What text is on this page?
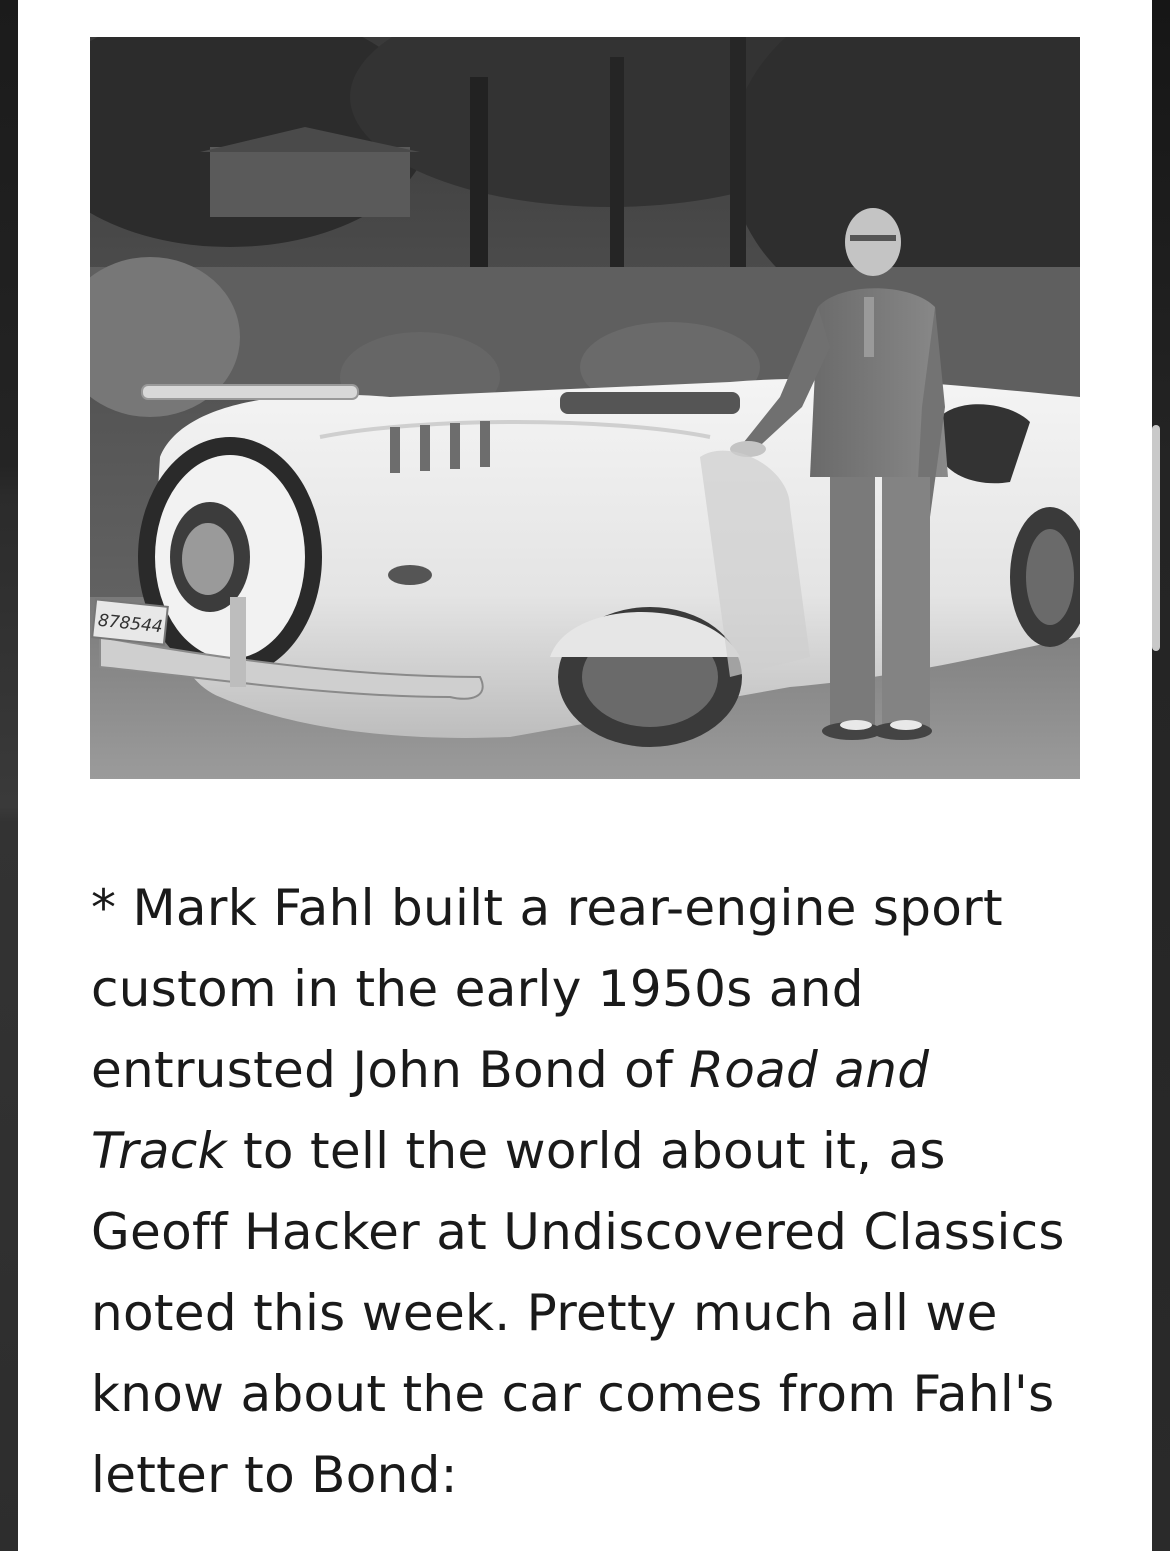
878544

* Mark Fahl built a rear-engine sport custom in the early 1950s and entrusted John Bond of Road and Track to tell the world about it, as Geoff Hacker at Undiscovered Classics noted this week. Pretty much all we know about the car comes from Fahl's letter to Bond:
